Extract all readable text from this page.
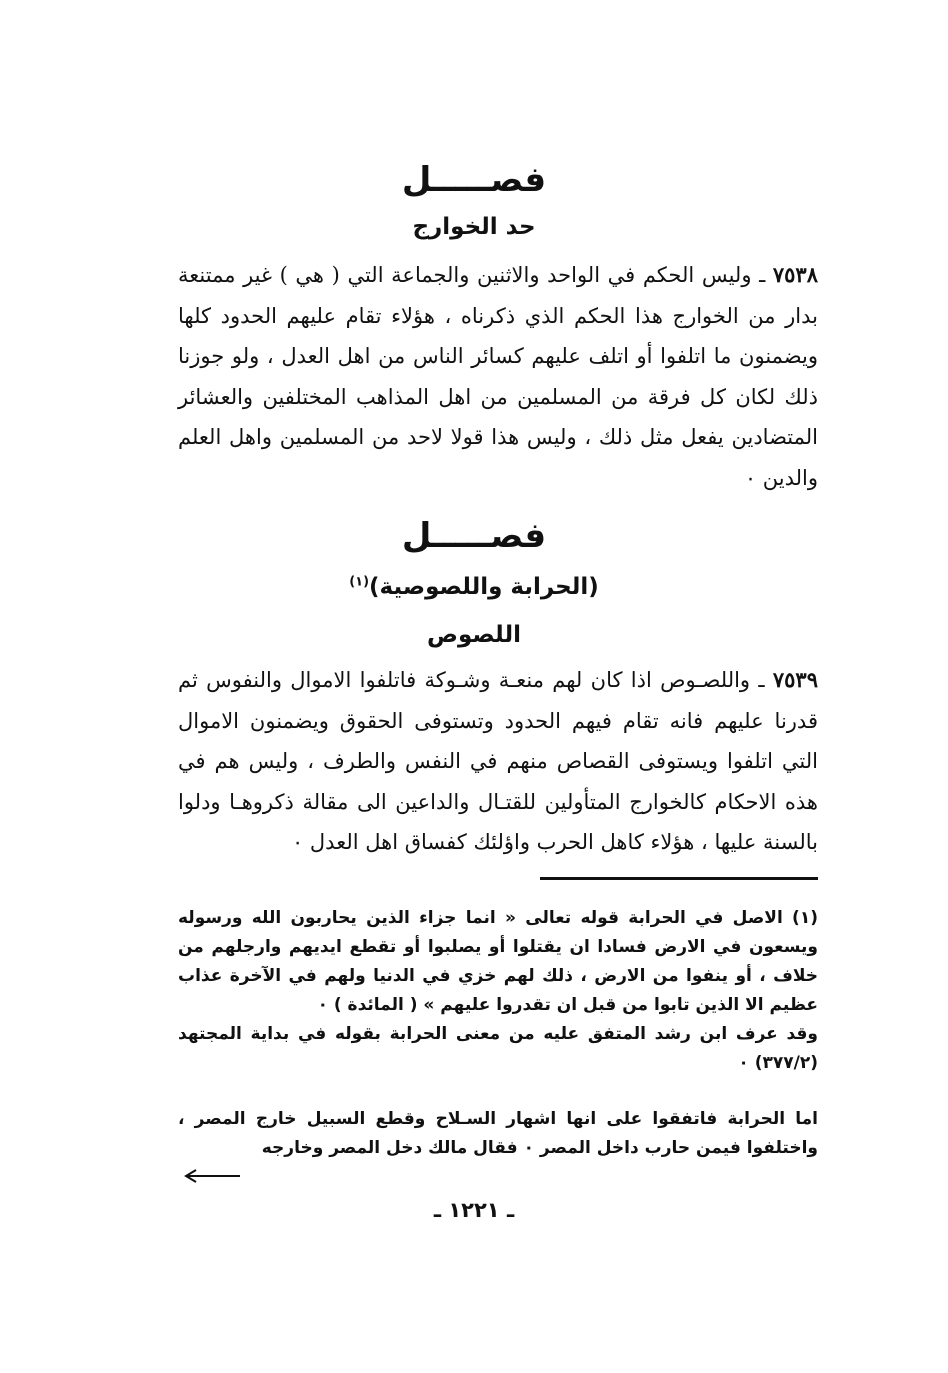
فصـــــل
حد الخوارج
٧٥٣٨ ـ وليس الحكم في الواحد والاثنين والجماعة التي ( هي ) غير ممتنعة بدار من الخوارج هذا الحكم الذي ذكرناه ، هؤلاء تقام عليهم الحدود كلها ويضمنون ما اتلفوا أو اتلف عليهم كسائر الناس من اهل العدل ، ولو جوزنا ذلك لكان كل فرقة من المسلمين من اهل المذاهب المختلفين والعشائر المتضادين يفعل مثل ذلك ، وليس هذا قولا لاحد من المسلمين واهل العلم والدين ٠
فصـــــل
(الحرابة واللصوصية)$^{(١)}$
اللصوص
٧٥٣٩ ـ واللصـوص اذا كان لهم منعـة وشـوكة فاتلفوا الاموال والنفوس ثم قدرنا عليهم فانه تقام فيهم الحدود وتستوفى الحقوق ويضمنون الاموال التي اتلفوا ويستوفى القصاص منهم في النفس والطرف ، وليس هم في هذه الاحكام كالخوارج المتأولين للقتـال والداعين الى مقالة ذكروهـا ودلوا بالسنة عليها ، هؤلاء كاهل الحرب واؤلئك كفساق اهل العدل ٠

(١) الاصل في الحرابة قوله تعالى « انما جزاء الذين يحاربون الله ورسوله ويسعون في الارض فسادا ان يقتلوا أو يصلبوا أو تقطع ايديهم وارجلهم من خلاف ، أو ينفوا من الارض ، ذلك لهم خزي في الدنيا ولهم في الآخرة عذاب عظيم الا الذين تابوا من قبل ان تقدروا عليهم » ( المائدة ) ٠

وقد عرف ابن رشد المتفق عليه من معنى الحرابة بقوله في بداية المجتهد (٣٧٧/٢) ٠

اما الحرابة فاتفقوا على انها اشهار السـلاح وقطع السبيل خارج المصر ، واختلفوا فيمن حارب داخل المصر ٠ فقال مالك دخل المصر وخارجه

ـ ١٢٢١ ـ
